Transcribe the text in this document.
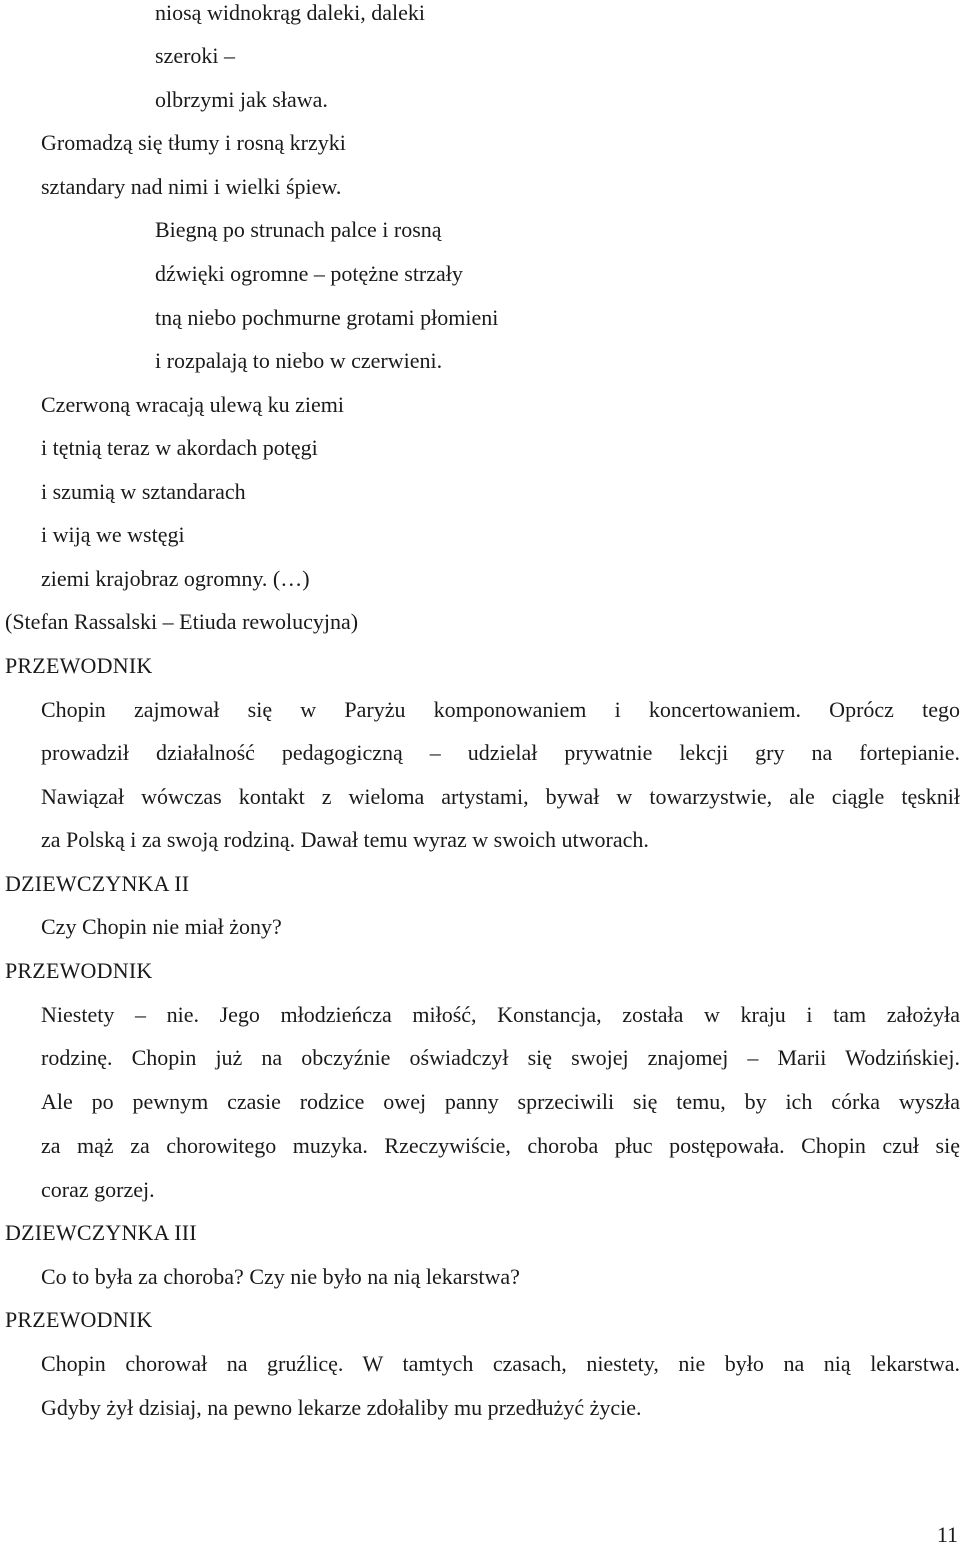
niosą widnokrąg daleki, daleki
szeroki –
olbrzymi jak sława.
Gromadzą się tłumy i rosną krzyki
sztandary nad nimi i wielki śpiew.
Biegną po strunach palce i rosną
dźwięki ogromne – potężne strzały
tną niebo pochmurne grotami płomieni
i rozpalają to niebo w czerwieni.
Czerwoną wracają ulewą ku ziemi
i tętnią teraz w akordach potęgi
i szumią w sztandarach
i wiją we wstęgi
ziemi krajobraz ogromny. (…)
(Stefan Rassalski – Etiuda rewolucyjna)
PRZEWODNIK
Chopin zajmował się w Paryżu komponowaniem i koncertowaniem. Oprócz tego
prowadził działalność pedagogiczną – udzielał prywatnie lekcji gry na fortepianie.
Nawiązał wówczas kontakt z wieloma artystami, bywał w towarzystwie, ale ciągle tęsknił
za Polską i za swoją rodziną. Dawał temu wyraz w swoich utworach.
DZIEWCZYNKA II
Czy Chopin nie miał żony?
PRZEWODNIK
Niestety – nie. Jego młodzieńcza miłość, Konstancja, została w kraju i tam założyła
rodzinę. Chopin już na obczyźnie oświadczył się swojej znajomej – Marii Wodzińskiej.
Ale po pewnym czasie rodzice owej panny sprzeciwili się temu, by ich córka wyszła
za mąż za chorowitego muzyka. Rzeczywiście, choroba płuc postępowała. Chopin czuł się
coraz gorzej.
DZIEWCZYNKA III
Co to była za choroba? Czy nie było na nią lekarstwa?
PRZEWODNIK
Chopin chorował na gruźlicę. W tamtych czasach, niestety, nie było na nią lekarstwa.
Gdyby żył dzisiaj, na pewno lekarze zdołaliby mu przedłużyć życie.
11
